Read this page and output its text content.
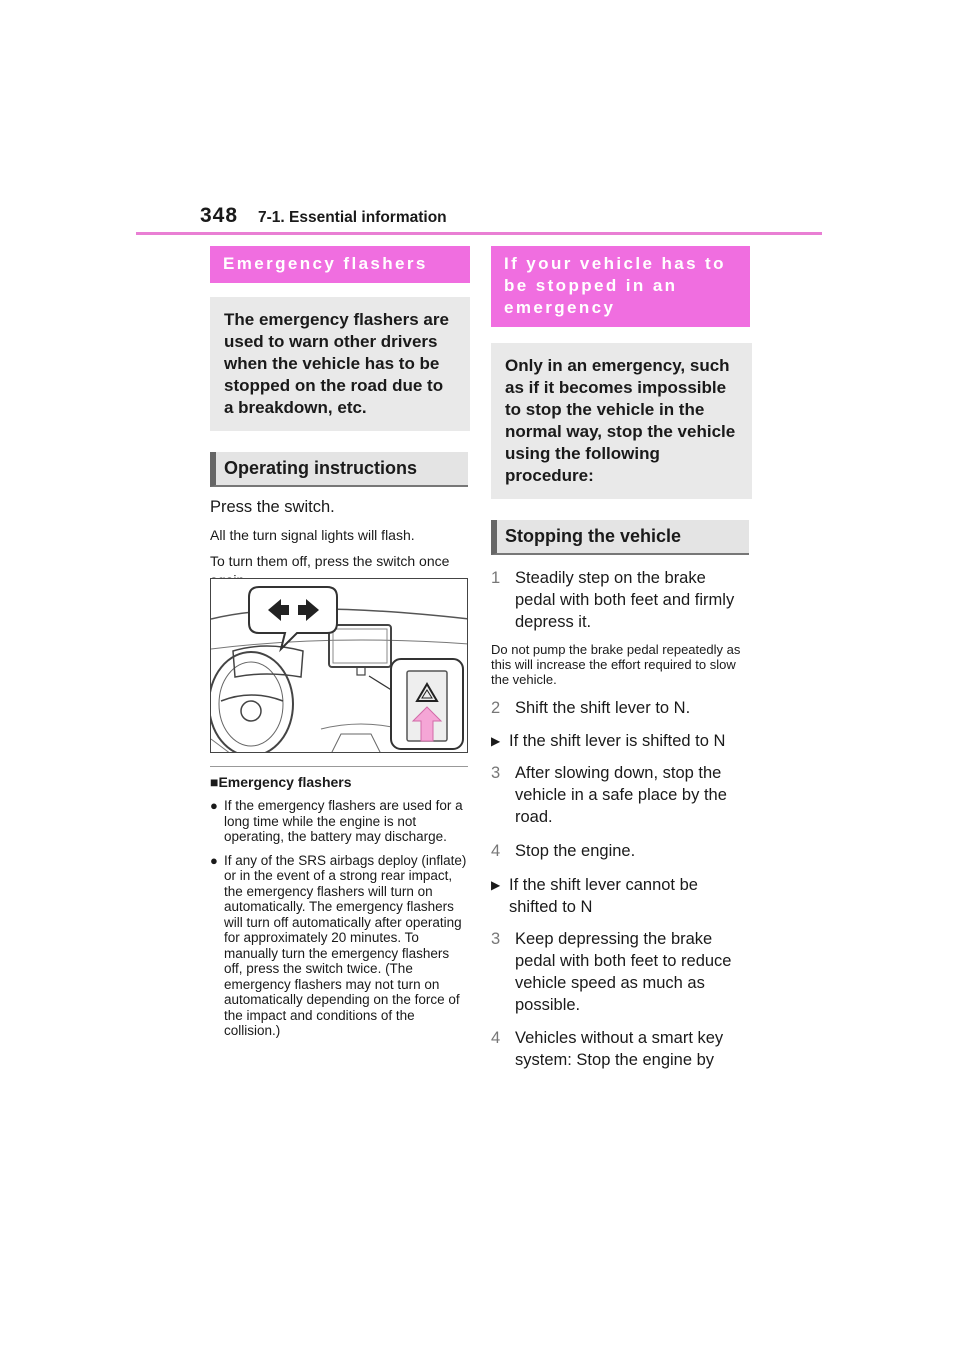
348 7-1. Essential information
Emergency flashers
The emergency flashers are used to warn other drivers when the vehicle has to be stopped on the road due to a breakdown, etc.
Operating instructions

Press the switch.

All the turn signal lights will flash.

To turn them off, press the switch once

■Emergency flashers

● If the emergency flashers are used for a long time while the engine is not operating, the battery may discharge.
● If any of the SRS airbags deploy (inflate) or in the event of a strong rear impact, the emergency flashers will turn on automatically. The emergency flashers will turn off automatically after operating for approximately 20 minutes. To manually turn the emergency flashers off, press the switch twice. (The emergency flashers may not turn on automatically depending on the force of the impact and conditions of the collision.)
If your vehicle has to be stopped in an emergency
Only in an emergency, such as if it becomes impossible to stop the vehicle in the normal way, stop the vehicle using the following procedure:
Stopping the vehicle
1 Steadily step on the brake pedal with both feet and firmly depress it.

Do not pump the brake pedal repeatedly as this will increase the effort required to slow the vehicle.

2 Shift the shift lever to N.
▶ If the shift lever is shifted to N
3 After slowing down, stop the vehicle in a safe place by the road.
4 Stop the engine.
▶ If the shift lever cannot be shifted to N
3 Keep depressing the brake pedal with both feet to reduce vehicle speed as much as possible.
4 Vehicles without a smart key system: Stop the engine by
